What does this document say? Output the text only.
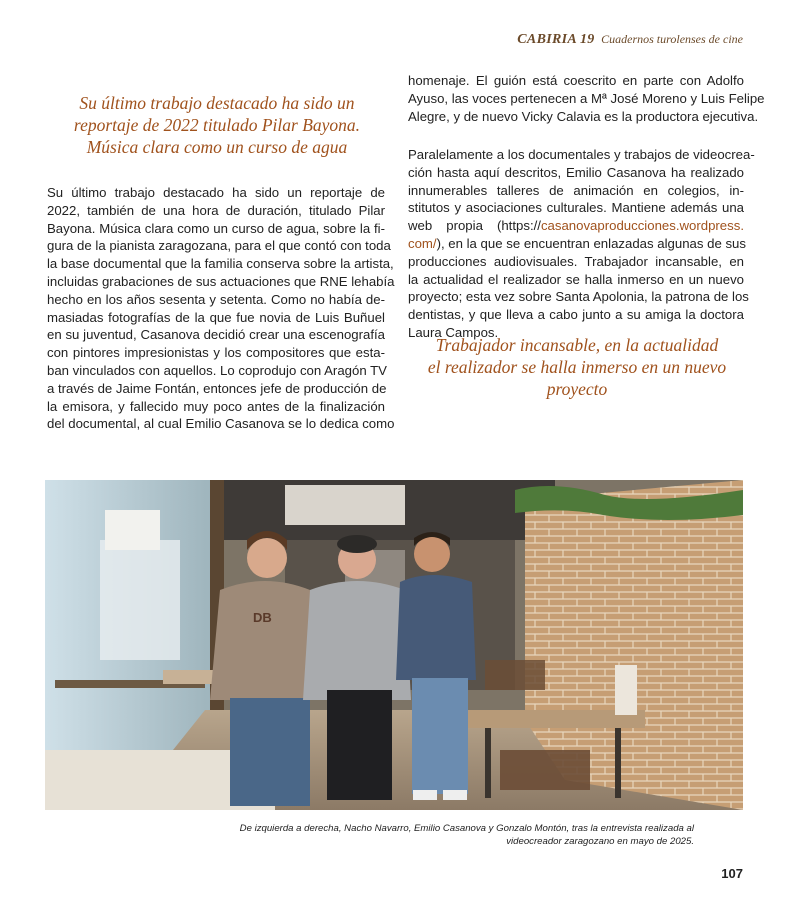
CABIRIA 19 Cuadernos turolenses de cine
Su último trabajo destacado ha sido un
reportaje de 2022 titulado Pilar Bayona.
Música clara como un curso de agua
Su último trabajo destacado ha sido un reportaje de
2022, también de una hora de duración, titulado Pilar
Bayona. Música clara como un curso de agua, sobre la fi-
gura de la pianista zaragozana, para el que contó con toda
la base documental que la familia conserva sobre la artista,
incluidas grabaciones de sus actuaciones que RNE lehabía
hecho en los años sesenta y setenta. Como no había de-
masiadas fotografías de la que fue novia de Luis Buñuel
en su juventud, Casanova decidió crear una escenografía
con pintores impresionistas y los compositores que esta-
ban vinculados con aquellos. Lo coprodujo con Aragón TV
a través de Jaime Fontán, entonces jefe de producción de
la emisora, y fallecido muy poco antes de la finalización
del documental, al cual Emilio Casanova se lo dedica como
homenaje. El guión está coescrito en parte con Adolfo
Ayuso, las voces pertenecen a Mª José Moreno y Luis Felipe
Alegre, y de nuevo Vicky Calavia es la productora ejecutiva.
Paralelamente a los documentales y trabajos de videocrea-
ción hasta aquí descritos, Emilio Casanova ha realizado
innumerables talleres de animación en colegios, in-
stitutos y asociaciones culturales. Mantiene además una
web propia (https://casanovaproducciones.wordpress.
com/), en la que se encuentran enlazadas algunas de sus
producciones audiovisuales. Trabajador incansable, en
la actualidad el realizador se halla inmerso en un nuevo
proyecto; esta vez sobre Santa Apolonia, la patrona de los
dentistas, y que lleva a cabo junto a su amiga la doctora
Laura Campos.
Trabajador incansable, en la actualidad
el realizador se halla inmerso en un nuevo
proyecto
DB
De izquierda a derecha, Nacho Navarro, Emilio Casanova y Gonzalo Montón, tras la entrevista realizada al
videocreador zaragozano en mayo de 2025.
107
